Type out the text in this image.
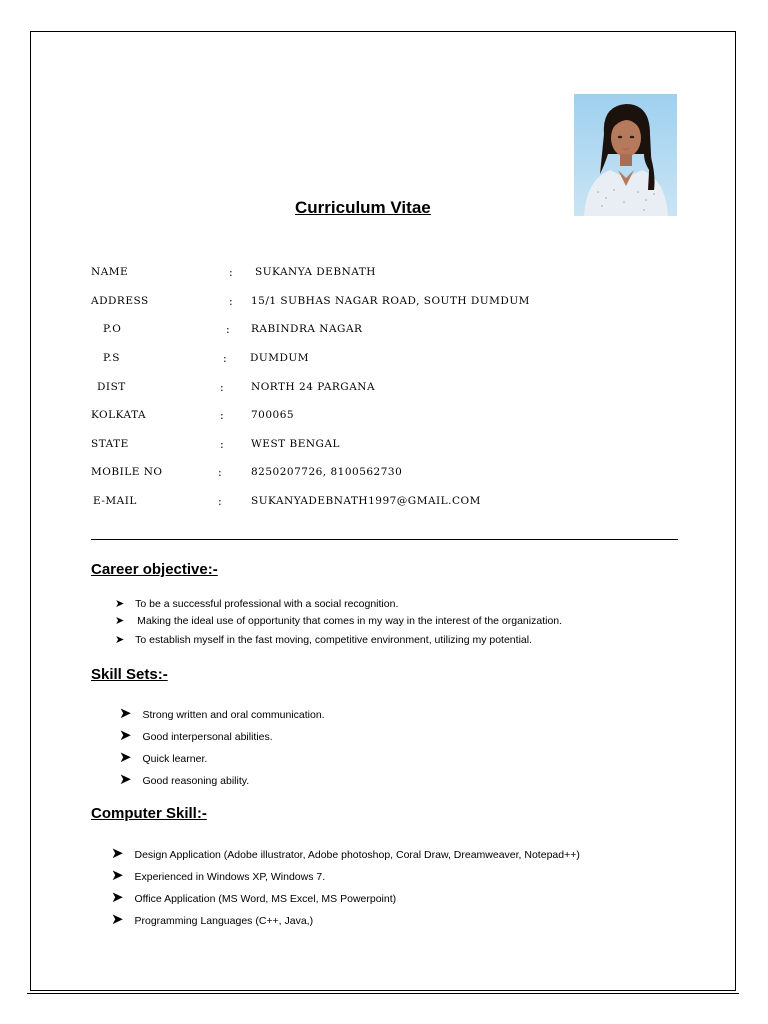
Curriculum Vitae
NAME	: SUKANYA DEBNATH
ADDRESS	: 15/1 SUBHAS NAGAR ROAD, SOUTH DUMDUM
P.O	: RABINDRA NAGAR
P.S	: DUMDUM
DIST	:	NORTH 24 PARGANA
KOLKATA	:	700065
STATE	:	WEST BENGAL
MOBILE NO	:	8250207726, 8100562730
E-MAIL	:	SUKANYADEBNATH1997@GMAIL.COM
Career objective:-
➤ To be a successful professional with a social recognition.
➤ Making the ideal use of opportunity that comes in my way in the interest of the organization.
➤ To establish myself in the fast moving, competitive environment, utilizing my potential.
Skill Sets:-
➤ Strong written and oral communication.
➤ Good interpersonal abilities.
➤ Quick learner.
➤ Good reasoning ability.
Computer Skill:-
➤ Design Application (Adobe illustrator, Adobe photoshop, Coral Draw, Dreamweaver, Notepad++)
➤ Experienced in Windows XP, Windows 7.
➤ Office Application (MS Word, MS Excel, MS Powerpoint)
➤ Programming Languages (C++, Java,)
